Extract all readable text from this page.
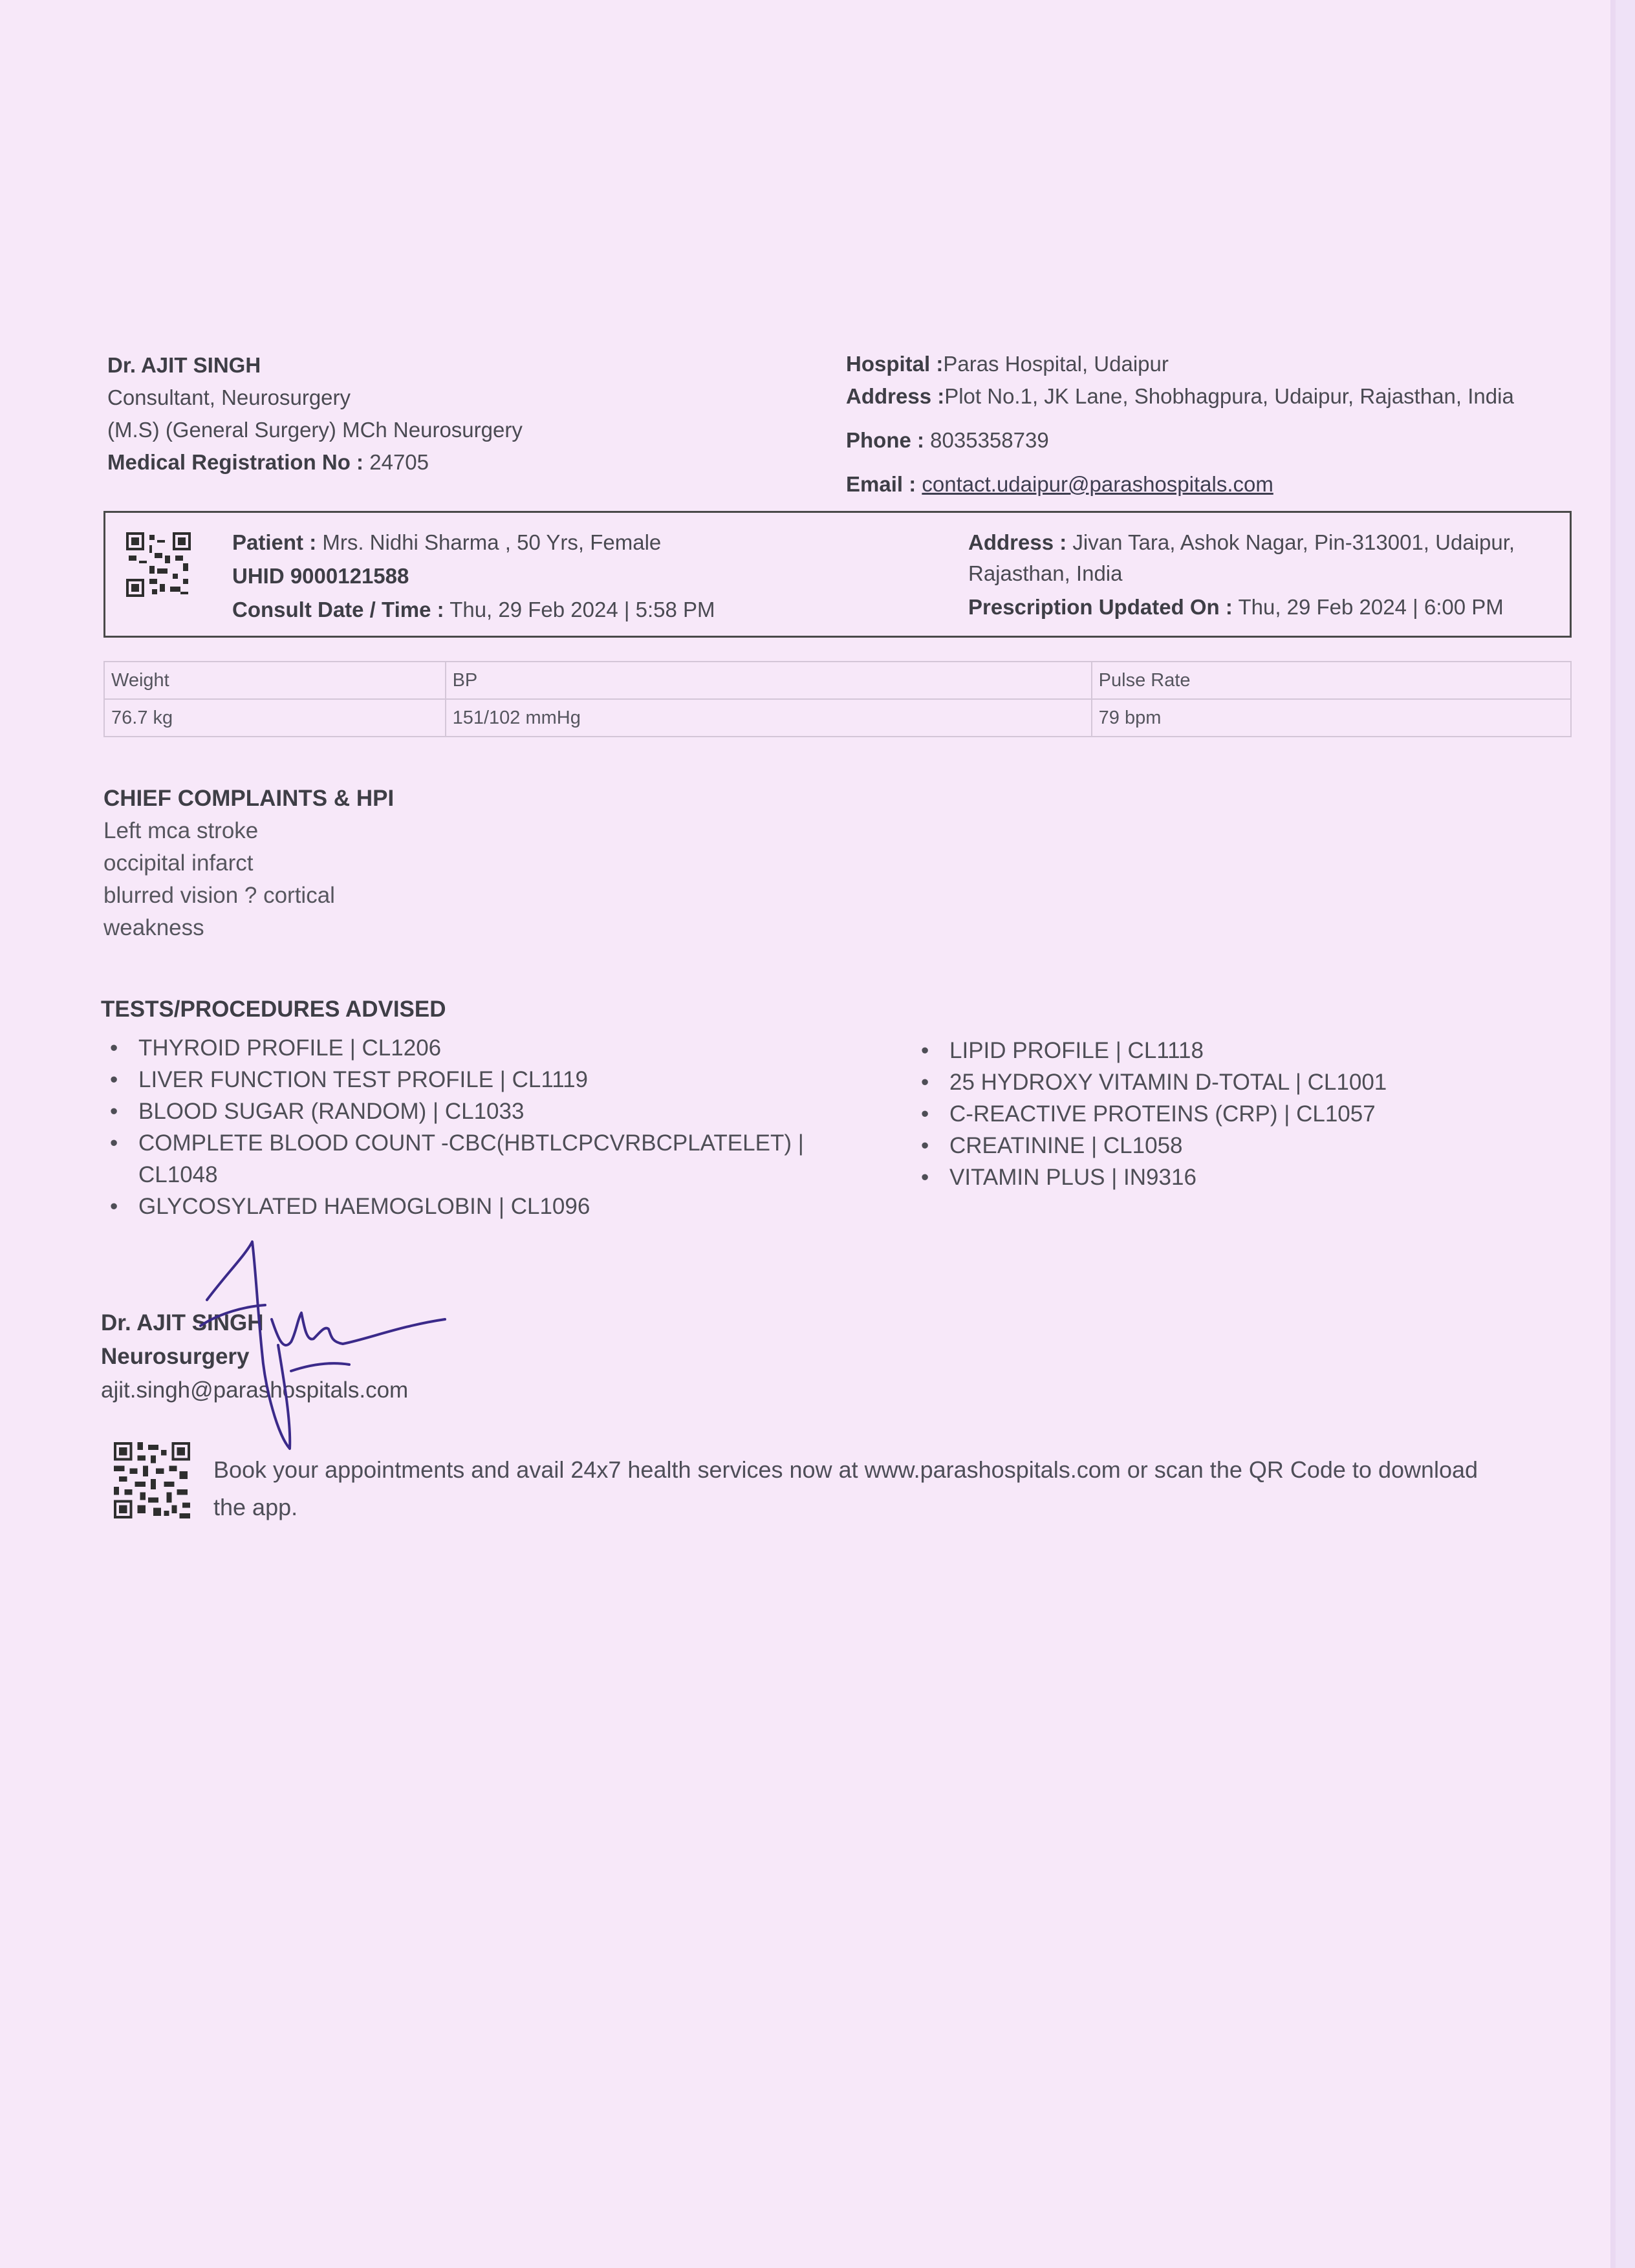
Dr. AJIT SINGH
Consultant, Neurosurgery
(M.S) (General Surgery) MCh Neurosurgery
Medical Registration No : 24705
Hospital :Paras Hospital, Udaipur
Address :Plot No.1, JK Lane, Shobhagpura, Udaipur, Rajasthan, India
Phone : 8035358739
Email : contact.udaipur@parashospitals.com
Patient : Mrs. Nidhi Sharma , 50 Yrs, Female
UHID 9000121588
Consult Date / Time : Thu, 29 Feb 2024 | 5:58 PM
Address : Jivan Tara, Ashok Nagar, Pin-313001, Udaipur,
Rajasthan, India
Prescription Updated On : Thu, 29 Feb 2024 | 6:00 PM
Weight	BP	Pulse Rate
76.7 kg	151/102 mmHg	79 bpm
CHIEF COMPLAINTS & HPI
Left mca stroke
occipital infarct
blurred vision ? cortical
weakness
TESTS/PROCEDURES ADVISED
• THYROID PROFILE | CL1206
• LIVER FUNCTION TEST PROFILE | CL1119
• BLOOD SUGAR (RANDOM) | CL1033
• COMPLETE BLOOD COUNT -CBC(HBTLCPCVRBCPLATELET) |
CL1048
• GLYCOSYLATED HAEMOGLOBIN | CL1096
• LIPID PROFILE | CL1118
• 25 HYDROXY VITAMIN D-TOTAL | CL1001
• C-REACTIVE PROTEINS (CRP) | CL1057
• CREATININE | CL1058
• VITAMIN PLUS | IN9316
Dr. AJIT SINGH
Neurosurgery
ajit.singh@parashospitals.com
Book your appointments and avail 24x7 health services now at www.parashospitals.com or scan the QR Code to download
the app.
